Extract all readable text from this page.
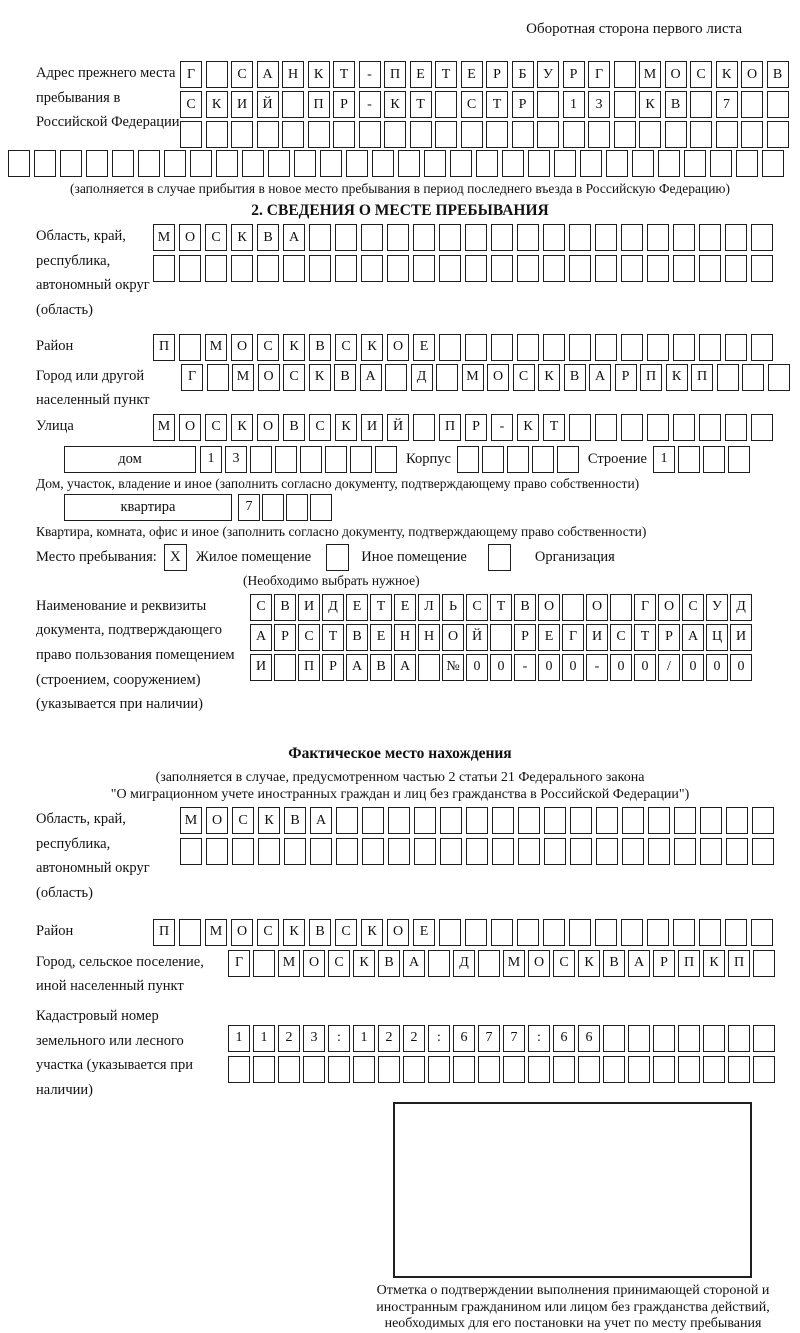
Оборотная сторона первого листа
Адрес прежнего места пребывания в Российской Федерации
Г	С	А	Н	К	Т	-	П	Е	Т	Е	Р	Б	У	Р	Г	М	О	С	К	О	В
С	К	И	Й	П	Р	-	К	Т	С	Т	Р	1	3	К	В	7
(заполняется в случае прибытия в новое место пребывания в период последнего въезда в Российскую Федерацию)
2. СВЕДЕНИЯ О МЕСТЕ ПРЕБЫВАНИЯ
Область, край, республика, автономный округ (область)
М	О	С	К	В	А
Район	П	М	О	С	К	В	С	К	О	Е
Город или другой населенный пункт
Г	М	О	С	К	В	А	Д	М	О	С	К	В	А	Р	П	К	П
Улица	М	О	С	К	О	В	С	К	И	Й	П	Р	-	К	Т
дом	1	3	Корпус	Строение 1
Дом, участок, владение и иное (заполнить согласно документу, подтверждающему право собственности)
квартира	7
Квартира, комната, офис и иное (заполнить согласно документу, подтверждающему право собственности)
Место пребывания: X	Жилое помещение	Иное помещение	Организация
(Необходимо выбрать нужное)
Наименование и реквизиты документа, подтверждающего право пользования помещением (строением, сооружением) (указывается при наличии)
С	В	И	Д	Е	Т	Е	Л	Ь	С	Т	В	О	О	Г	О	С	У	Д
А	Р	С	Т	В	Е	Н Н О Й	Р	Е	Г	И	С	Т	Р	А Ц И
И	П	Р	А	В	А	№ 0	0	-	0	0	-	0	0	/	0	0	0
Фактическое место нахождения
(заполняется в случае, предусмотренном частью 2 статьи 21 Федерального закона
"О миграционном учете иностранных граждан и лиц без гражданства в Российской Федерации")
Область, край, республика, автономный округ (область)
М	О	С	К	В	А
Район	П	М	О	С	К	В	С	К	О	Е
Город, сельское поселение, иной населенный пункт
Г	М О	С	К	В	А	Д	М О	С	К	В	А	Р	П	К	П
Кадастровый номер земельного или лесного участка (указывается при наличии)
1	1	2	3	:	1	2	2	:	6	7	7	:	6	6
Отметка о подтверждении выполнения принимающей стороной и иностранным гражданином или лицом без гражданства действий, необходимых для его постановки на учет по месту пребывания
